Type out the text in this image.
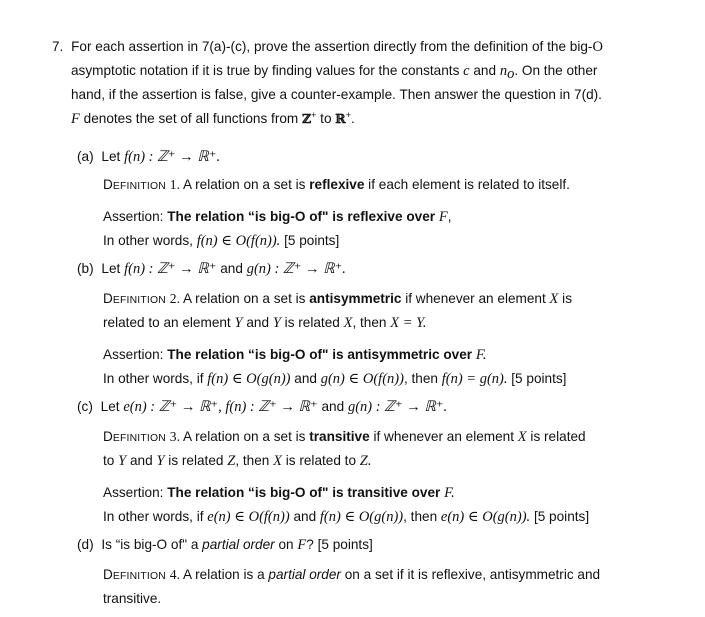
7. For each assertion in 7(a)-(c), prove the assertion directly from the definition of the big-O
asymptotic notation if it is true by finding values for the constants c and $n_o$. On the other
hand, if the assertion is false, give a counter-example. Then answer the question in 7(d).
F denotes the set of all functions from ℤ+ to ℝ+.
(a) Let f(n) : ℤ⁺ → ℝ⁺.
DEFINITION 1. A relation on a set is reflexive if each element is related to itself.
Assertion: The relation “is big-O of" is reflexive over F,
In other words, f(n) ∈ O(f(n)). [5 points]
(b) Let f(n) : ℤ⁺ → ℝ⁺ and g(n) : ℤ⁺ → ℝ⁺.
DEFINITION 2. A relation on a set is antisymmetric if whenever an element X is
related to an element Y and Y is related X, then X = Y.
Assertion: The relation “is big-O of" is antisymmetric over F.
In other words, if f(n) ∈ O(g(n)) and g(n) ∈ O(f(n)), then f(n) = g(n). [5 points]
(c) Let e(n) : ℤ⁺ → ℝ⁺, f(n) : ℤ⁺ → ℝ⁺ and g(n) : ℤ⁺ → ℝ⁺.
DEFINITION 3. A relation on a set is transitive if whenever an element X is related
to Y and Y is related Z, then X is related to Z.
Assertion: The relation “is big-O of" is transitive over F.
In other words, if e(n) ∈ O(f(n)) and f(n) ∈ O(g(n)), then e(n) ∈ O(g(n)). [5 points]
(d) Is “is big-O of" a partial order on F? [5 points]
DEFINITION 4. A relation is a partial order on a set if it is reflexive, antisymmetric and
transitive.
